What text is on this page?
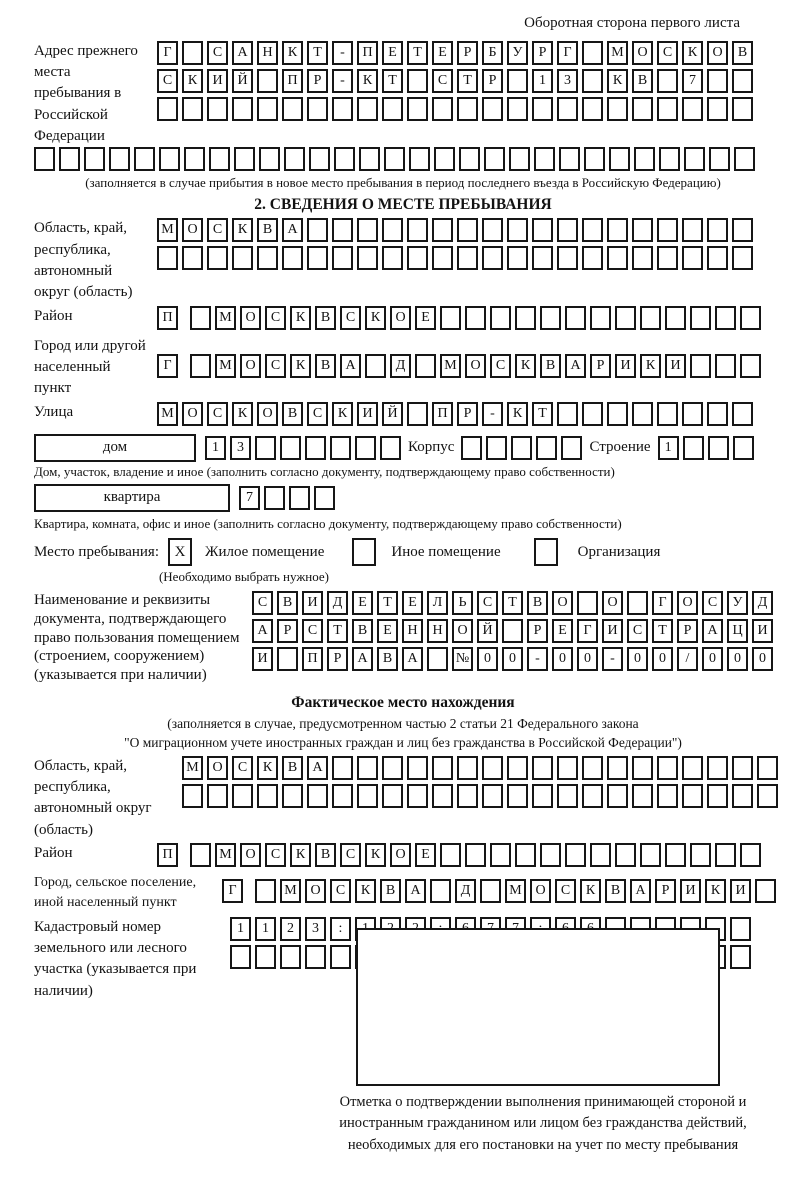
Оборотная сторона первого листа
Адрес прежнего места пребывания в Российской Федерации
Г	С	А	Н	К	Т	-	П	Е	Т	Е	Р	Б	У	Р	Г	М О	С	К	О	В
С	К	И	Й	П	Р	-	К	Т	С	Т	Р	1	3	К	В	7
(заполняется в случае прибытия в новое место пребывания в период последнего въезда в Российскую Федерацию)
2. СВЕДЕНИЯ О МЕСТЕ ПРЕБЫВАНИЯ
Область, край, республика, автономный округ (область)
М О	С	К	В	А
Район	П	М О	С	К	В	С	К	О	Е
Город или другой населенный пункт
Г	М О	С	К	В	А	Д	М О	С	К	В	А	Р	И	К	И
Улица	М О	С	К	О	В	С	К	И	Й	П	Р	-	К	Т
дом	1	3	Корпус	Строение	1
Дом, участок, владение и иное (заполнить согласно документу, подтверждающему право собственности)
квартира	7
Квартира, комната, офис и иное (заполнить согласно документу, подтверждающему право собственности)
Место пребывания:	X	Жилое помещение	Иное помещение	Организация
(Необходимо выбрать нужное)
Наименование и реквизиты документа, подтверждающего право пользования помещением (строением, сооружением) (указывается при наличии)
С	В	И	Д	Е	Т	Е	Л	Ь	С	Т	В	О	О	Г	О	С	У	Д
А	Р	С	Т	В	Е	Н	Н	О	Й	Р	Е	Г	И	С	Т	Р	А	Ц	И
И	П	Р	А	В	А	№	0	0	-	0	0	-	0	0	/	0	0	0
Фактическое место нахождения
(заполняется в случае, предусмотренном частью 2 статьи 21 Федерального закона
"О миграционном учете иностранных граждан и лиц без гражданства в Российской Федерации")
Область, край, республика, автономный округ (область)
М О	С	К	В	А
Район	П	М О	С	К	В	С	К	О	Е
Город, сельское поселение, иной населенный пункт
Г	М О	С	К	В	А	Д	М О	С	К	В	А	Р	И	К	И
Кадастровый номер земельного или лесного участка (указывается при наличии)
1	1	2	3	:
Отметка о подтверждении выполнения принимающей стороной и иностранным гражданином или лицом без гражданства действий, необходимых для его постановки на учет по месту пребывания
